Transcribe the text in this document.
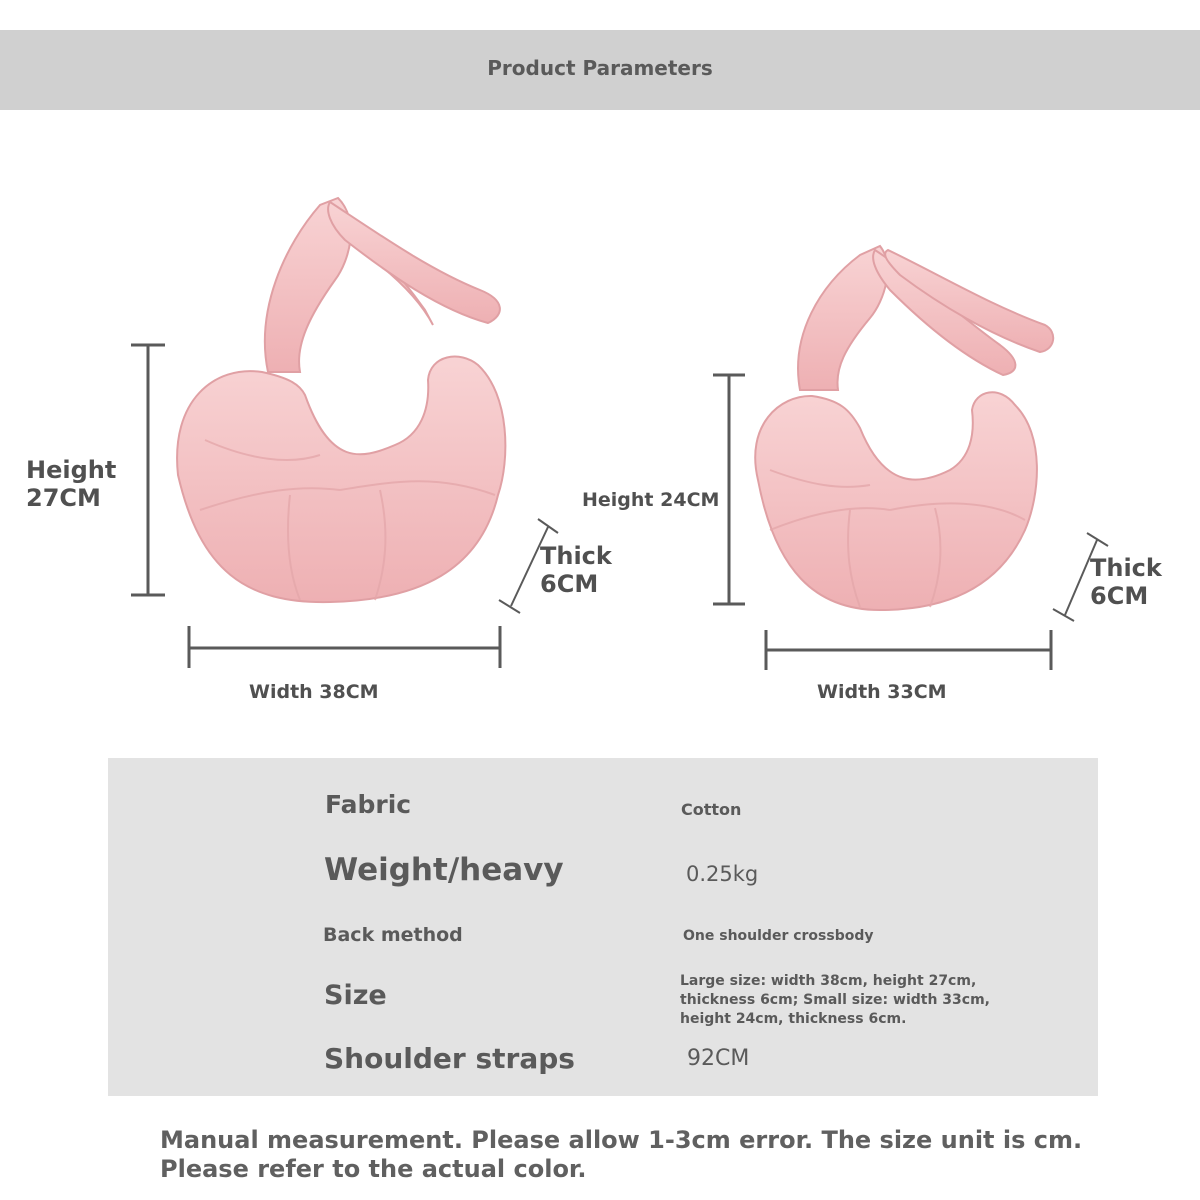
Product Parameters
Height
27CM
Thick
6CM
Width 38CM
Height 24CM
Thick
6CM
Width 33CM
Fabric	Cotton
Weight/heavy	0.25kg
Back method	One shoulder crossbody
Size	Large size: width 38cm, height 27cm,
thickness 6cm; Small size: width 33cm,
height 24cm, thickness 6cm.
Shoulder straps	92CM
Manual measurement. Please allow 1-3cm error. The size unit is cm.
Please refer to the actual color.
